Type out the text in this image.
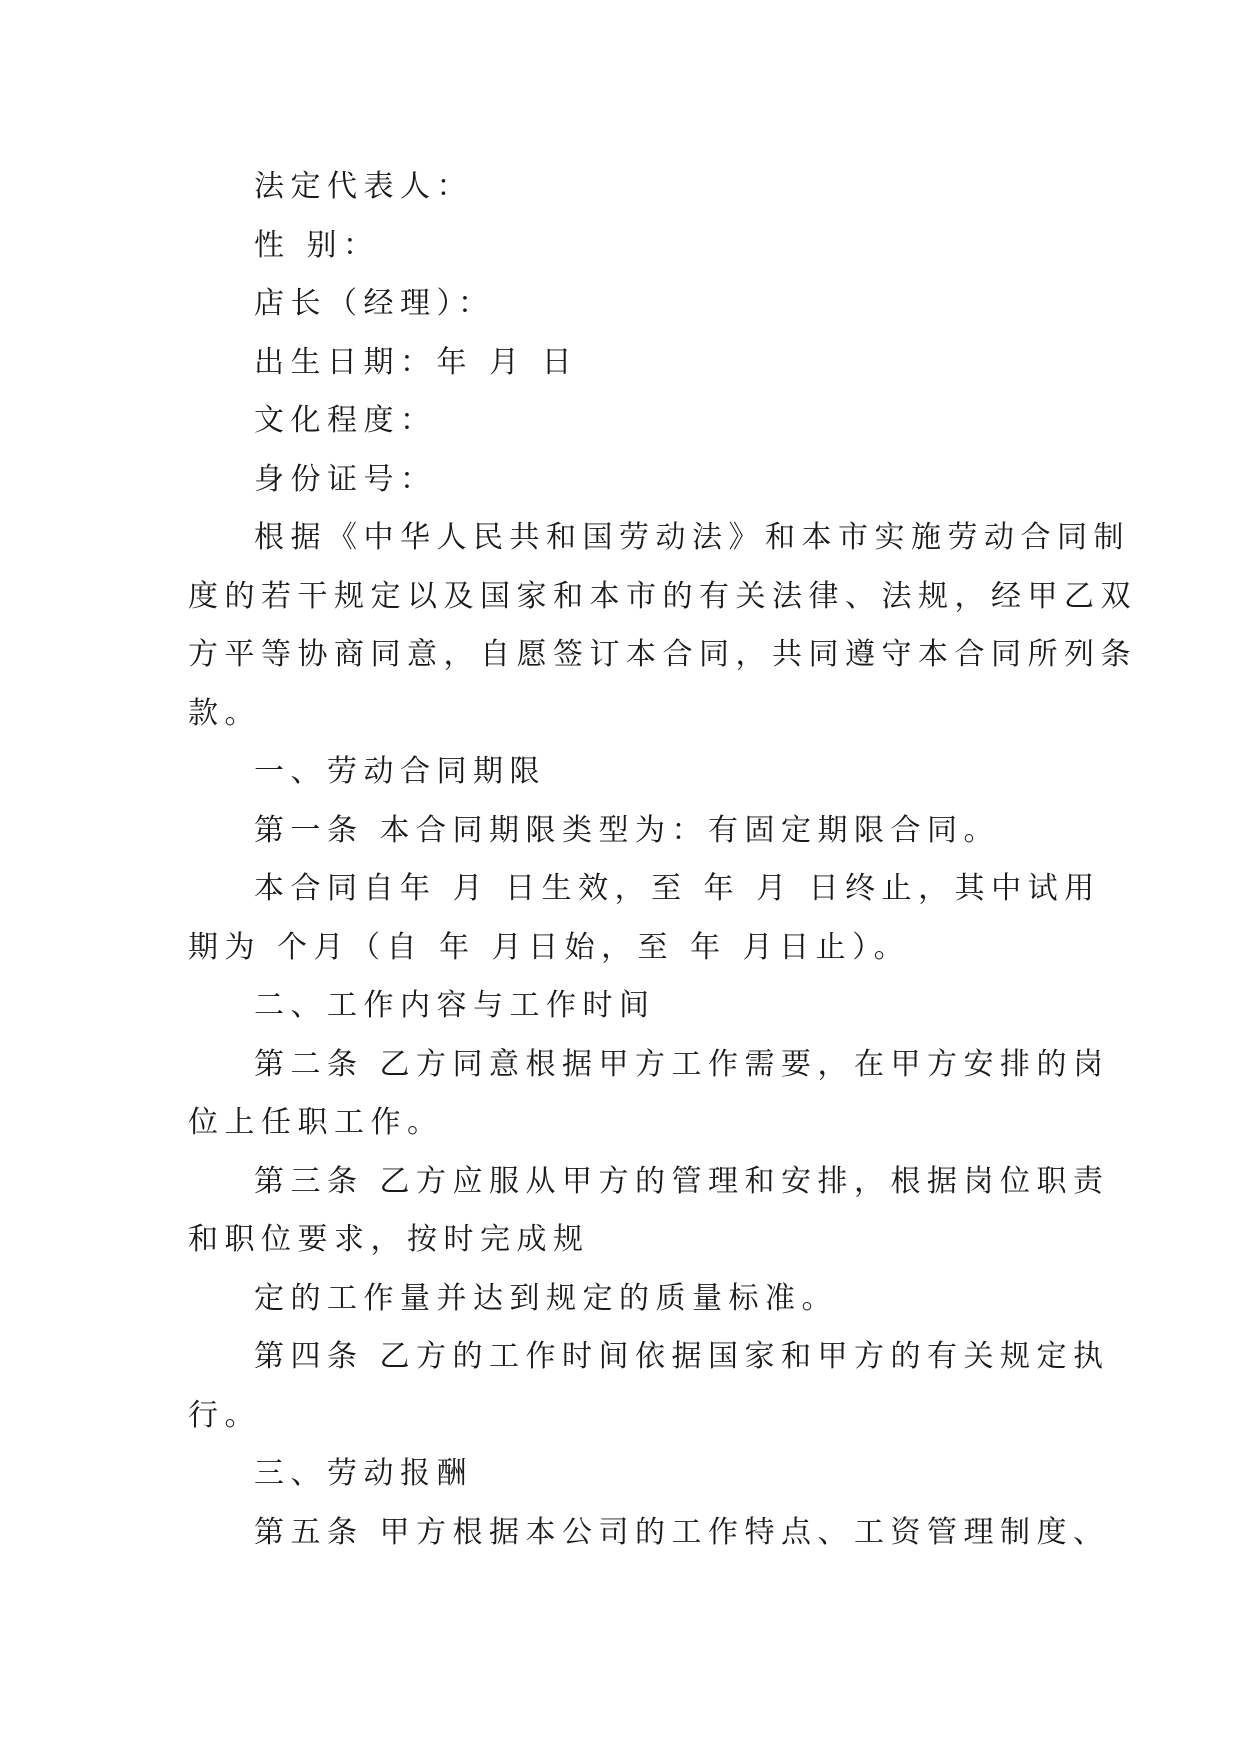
法定代表人：

性 别：

店长（经理）：

出生日期：年 月 日

文化程度：

身份证号：

根据《中华人民共和国劳动法》和本市实施劳动合同制

度的若干规定以及国家和本市的有关法律、法规，经甲乙双

方平等协商同意，自愿签订本合同，共同遵守本合同所列条

款。

一、劳动合同期限

第一条 本合同期限类型为：有固定期限合同。

本合同自年 月 日生效，至 年 月 日终止，其中试用

期为 个月（自 年 月日始，至 年 月日止）。

二、工作内容与工作时间

第二条 乙方同意根据甲方工作需要，在甲方安排的岗

位上任职工作。

第三条 乙方应服从甲方的管理和安排，根据岗位职责

和职位要求，按时完成规

定的工作量并达到规定的质量标准。

第四条 乙方的工作时间依据国家和甲方的有关规定执

行。

三、劳动报酬

第五条 甲方根据本公司的工作特点、工资管理制度、
